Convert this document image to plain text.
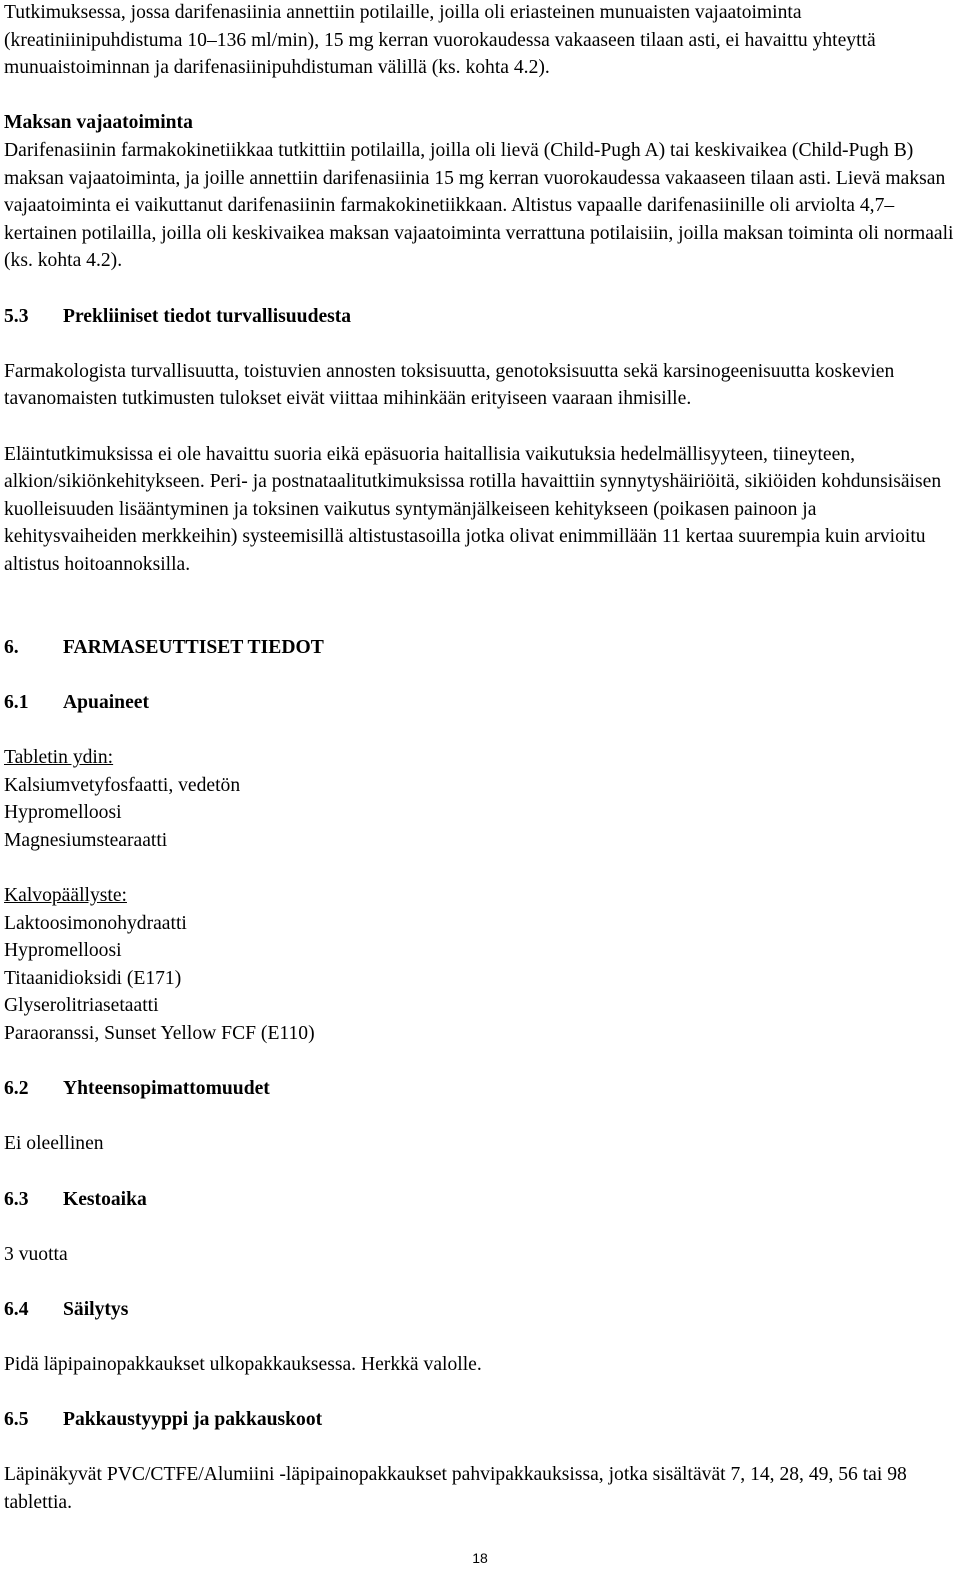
Tutkimuksessa, jossa darifenasiinia annettiin potilaille, joilla oli eriasteinen munuaisten vajaatoiminta (kreatiniinipuhdistuma 10–136 ml/min), 15 mg kerran vuorokaudessa vakaaseen tilaan asti, ei havaittu yhteyttä munuaistoiminnan ja darifenasiinipuhdistuman välillä (ks. kohta 4.2).

Maksan vajaatoiminta

Darifenasiinin farmakokinetiikkaa tutkittiin potilailla, joilla oli lievä (Child-Pugh A) tai keskivaikea (Child-Pugh B) maksan vajaatoiminta, ja joille annettiin darifenasiinia 15 mg kerran vuorokaudessa vakaaseen tilaan asti. Lievä maksan vajaatoiminta ei vaikuttanut darifenasiinin farmakokinetiikkaan. Altistus vapaalle darifenasiinille oli arviolta 4,7–kertainen potilailla, joilla oli keskivaikea maksan vajaatoiminta verrattuna potilaisiin, joilla maksan toiminta oli normaali (ks. kohta 4.2).

5.3 Prekliiniset tiedot turvallisuudesta

Farmakologista turvallisuutta, toistuvien annosten toksisuutta, genotoksisuutta sekä karsinogeenisuutta koskevien tavanomaisten tutkimusten tulokset eivät viittaa mihinkään erityiseen vaaraan ihmisille.

Eläintutkimuksissa ei ole havaittu suoria eikä epäsuoria haitallisia vaikutuksia hedelmällisyyteen, tiineyteen, alkion/sikiönkehitykseen. Peri- ja postnataalitutkimuksissa rotilla havaittiin synnytyshäiriöitä, sikiöiden kohdunsisäisen kuolleisuuden lisääntyminen ja toksinen vaikutus syntymänjälkeiseen kehitykseen (poikasen painoon ja kehitysvaiheiden merkkeihin) systeemisillä altistustasoilla jotka olivat enimmillään 11 kertaa suurempia kuin arvioitu altistus hoitoannoksilla.

6. FARMASEUTTISET TIEDOT

6.1 Apuaineet

Tabletin ydin:

Kalsiumvetyfosfaatti, vedetön

Hypromelloosi

Magnesiumstearaatti

Kalvopäällyste:

Laktoosimonohydraatti

Hypromelloosi

Titaanidioksidi (E171)

Glyserolitriasetaatti

Paraoranssi, Sunset Yellow FCF (E110)

6.2 Yhteensopimattomuudet

Ei oleellinen

6.3 Kestoaika

3 vuotta

6.4 Säilytys

Pidä läpipainopakkaukset ulkopakkauksessa. Herkkä valolle.

6.5 Pakkaustyyppi ja pakkauskoot

Läpinäkyvät PVC/CTFE/Alumiini -läpipainopakkaukset pahvipakkauksissa, jotka sisältävät 7, 14, 28, 49, 56 tai 98 tablettia.

18
